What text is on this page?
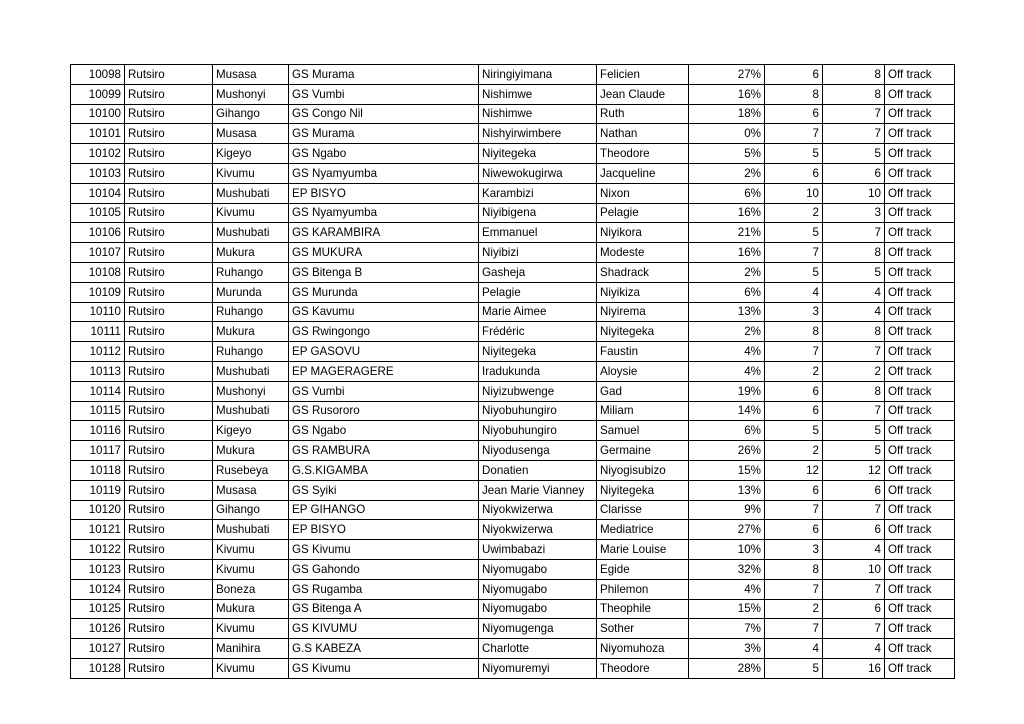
10098	Rutsiro	Musasa	GS Murama	Niringiyimana	Felicien	27%	6	8	Off track
10099	Rutsiro	Mushonyi	GS Vumbi	Nishimwe	Jean Claude	16%	8	8	Off track
10100	Rutsiro	Gihango	GS Congo Nil	Nishimwe	Ruth	18%	6	7	Off track
10101	Rutsiro	Musasa	GS Murama	Nishyirwimbere	Nathan	0%	7	7	Off track
10102	Rutsiro	Kigeyo	GS Ngabo	Niyitegeka	Theodore	5%	5	5	Off track
10103	Rutsiro	Kivumu	GS Nyamyumba	Niwewokugirwa	Jacqueline	2%	6	6	Off track
10104	Rutsiro	Mushubati	EP BISYO	Karambizi	Nixon	6%	10	10	Off track
10105	Rutsiro	Kivumu	GS Nyamyumba	Niyibigena	Pelagie	16%	2	3	Off track
10106	Rutsiro	Mushubati	GS KARAMBIRA	Emmanuel	Niyikora	21%	5	7	Off track
10107	Rutsiro	Mukura	GS MUKURA	Niyibizi	Modeste	16%	7	8	Off track
10108	Rutsiro	Ruhango	GS Bitenga B	Gasheja	Shadrack	2%	5	5	Off track
10109	Rutsiro	Murunda	GS Murunda	Pelagie	Niyikiza	6%	4	4	Off track
10110	Rutsiro	Ruhango	GS Kavumu	Marie Aimee	Niyirema	13%	3	4	Off track
10111	Rutsiro	Mukura	GS Rwingongo	Frédéric	Niyitegeka	2%	8	8	Off track
10112	Rutsiro	Ruhango	EP GASOVU	Niyitegeka	Faustin	4%	7	7	Off track
10113	Rutsiro	Mushubati	EP MAGERAGERE	Iradukunda	Aloysie	4%	2	2	Off track
10114	Rutsiro	Mushonyi	GS Vumbi	Niyizubwenge	Gad	19%	6	8	Off track
10115	Rutsiro	Mushubati	GS Rusororo	Niyobuhungiro	Miliam	14%	6	7	Off track
10116	Rutsiro	Kigeyo	GS Ngabo	Niyobuhungiro	Samuel	6%	5	5	Off track
10117	Rutsiro	Mukura	GS RAMBURA	Niyodusenga	Germaine	26%	2	5	Off track
10118	Rutsiro	Rusebeya	G.S.KIGAMBA	Donatien	Niyogisubizo	15%	12	12	Off track
10119	Rutsiro	Musasa	GS Syiki	Jean Marie Vianney	Niyitegeka	13%	6	6	Off track
10120	Rutsiro	Gihango	EP GIHANGO	Niyokwizerwa	Clarisse	9%	7	7	Off track
10121	Rutsiro	Mushubati	EP BISYO	Niyokwizerwa	Mediatrice	27%	6	6	Off track
10122	Rutsiro	Kivumu	GS Kivumu	Uwimbabazi	Marie Louise	10%	3	4	Off track
10123	Rutsiro	Kivumu	GS Gahondo	Niyomugabo	Egide	32%	8	10	Off track
10124	Rutsiro	Boneza	GS Rugamba	Niyomugabo	Philemon	4%	7	7	Off track
10125	Rutsiro	Mukura	GS Bitenga A	Niyomugabo	Theophile	15%	2	6	Off track
10126	Rutsiro	Kivumu	GS KIVUMU	Niyomugenga	Sother	7%	7	7	Off track
10127	Rutsiro	Manihira	G.S KABEZA	Charlotte	Niyomuhoza	3%	4	4	Off track
10128	Rutsiro	Kivumu	GS Kivumu	Niyomuremyi	Theodore	28%	5	16	Off track
